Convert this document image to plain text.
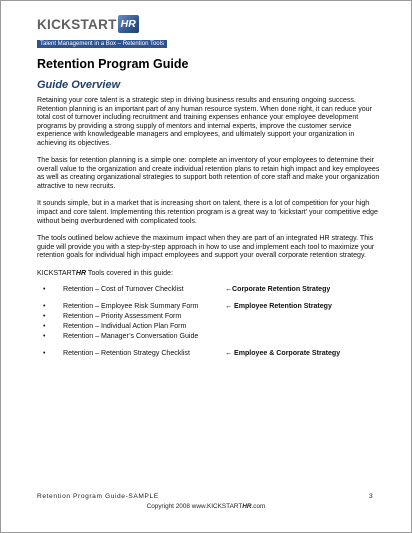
KICKSTART HR
Talent Management in a Box – Retention Tools
Retention Program Guide
Guide Overview

Retaining your core talent is a strategic step in driving business results and ensuring ongoing success. Retention planning is an important part of any human resource system. When done right, it can reduce your total cost of turnover including recruitment and training expenses enhance your employee development programs by providing a strong supply of mentors and internal experts, improve the customer service experience with knowledgeable managers and employees, and ultimately support your organization in achieving its objectives.

The basis for retention planning is a simple one: complete an inventory of your employees to determine their overall value to the organization and create individual retention plans to retain high impact and key employees as well as creating organizational strategies to support both retention of core staff and make your organization attractive to new recruits.

It sounds simple, but in a market that is increasing short on talent, there is a lot of competition for your high impact and core talent. Implementing this retention program is a great way to ‘kickstart’ your competitive edge without being overburdened with complicated tools.

The tools outlined below achieve the maximum impact when they are part of an integrated HR strategy. This guide will provide you with a step-by-step approach in how to use and implement each tool to maximize your retention goals for individual high impact employees and support your overall corporate retention strategy.

KICKSTARTHR Tools covered in this guide:
•	Retention – Cost of Turnover Checklist	←Corporate Retention Strategy
•	Retention – Employee Risk Summary Form	← Employee Retention Strategy
•	Retention – Priority Assessment Form
•	Retention – Individual Action Plan Form
•	Retention – Manager’s Conversation Guide
•	Retention – Retention Strategy Checklist	← Employee & Corporate Strategy
Retention Program Guide-SAMPLE	3
Copyright 2008 www.KICKSTARTHR.com
